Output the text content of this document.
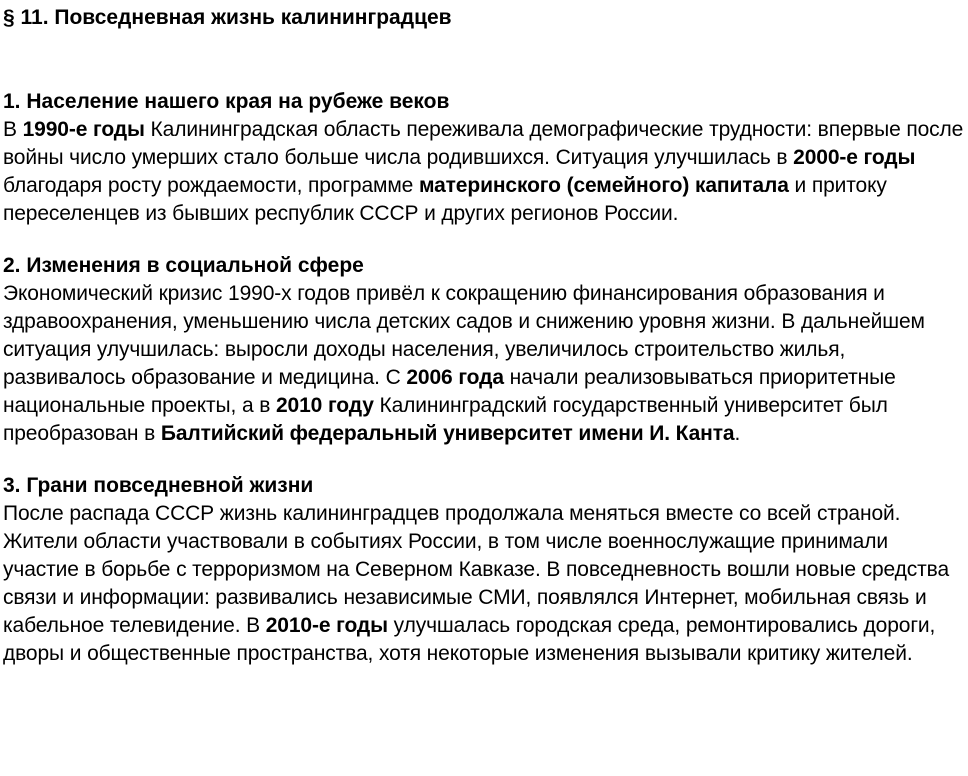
§ 11. Повседневная жизнь калининградцев
1. Население нашего края на рубеже веков

В 1990-е годы Калининградская область переживала демографические трудности: впервые после войны число умерших стало больше числа родившихся. Ситуация улучшилась в 2000-е годы благодаря росту рождаемости, программе материнского (семейного) капитала и притоку переселенцев из бывших республик СССР и других регионов России.

2. Изменения в социальной сфере

Экономический кризис 1990-х годов привёл к сокращению финансирования образования и здравоохранения, уменьшению числа детских садов и снижению уровня жизни. В дальнейшем ситуация улучшилась: выросли доходы населения, увеличилось строительство жилья, развивалось образование и медицина. С 2006 года начали реализовываться приоритетные национальные проекты, а в 2010 году Калининградский государственный университет был преобразован в Балтийский федеральный университет имени И. Канта.

3. Грани повседневной жизни

После распада СССР жизнь калининградцев продолжала меняться вместе со всей страной. Жители области участвовали в событиях России, в том числе военнослужащие принимали участие в борьбе с терроризмом на Северном Кавказе. В повседневность вошли новые средства связи и информации: развивались независимые СМИ, появлялся Интернет, мобильная связь и кабельное телевидение. В 2010-е годы улучшалась городская среда, ремонтировались дороги, дворы и общественные пространства, хотя некоторые изменения вызывали критику жителей.
